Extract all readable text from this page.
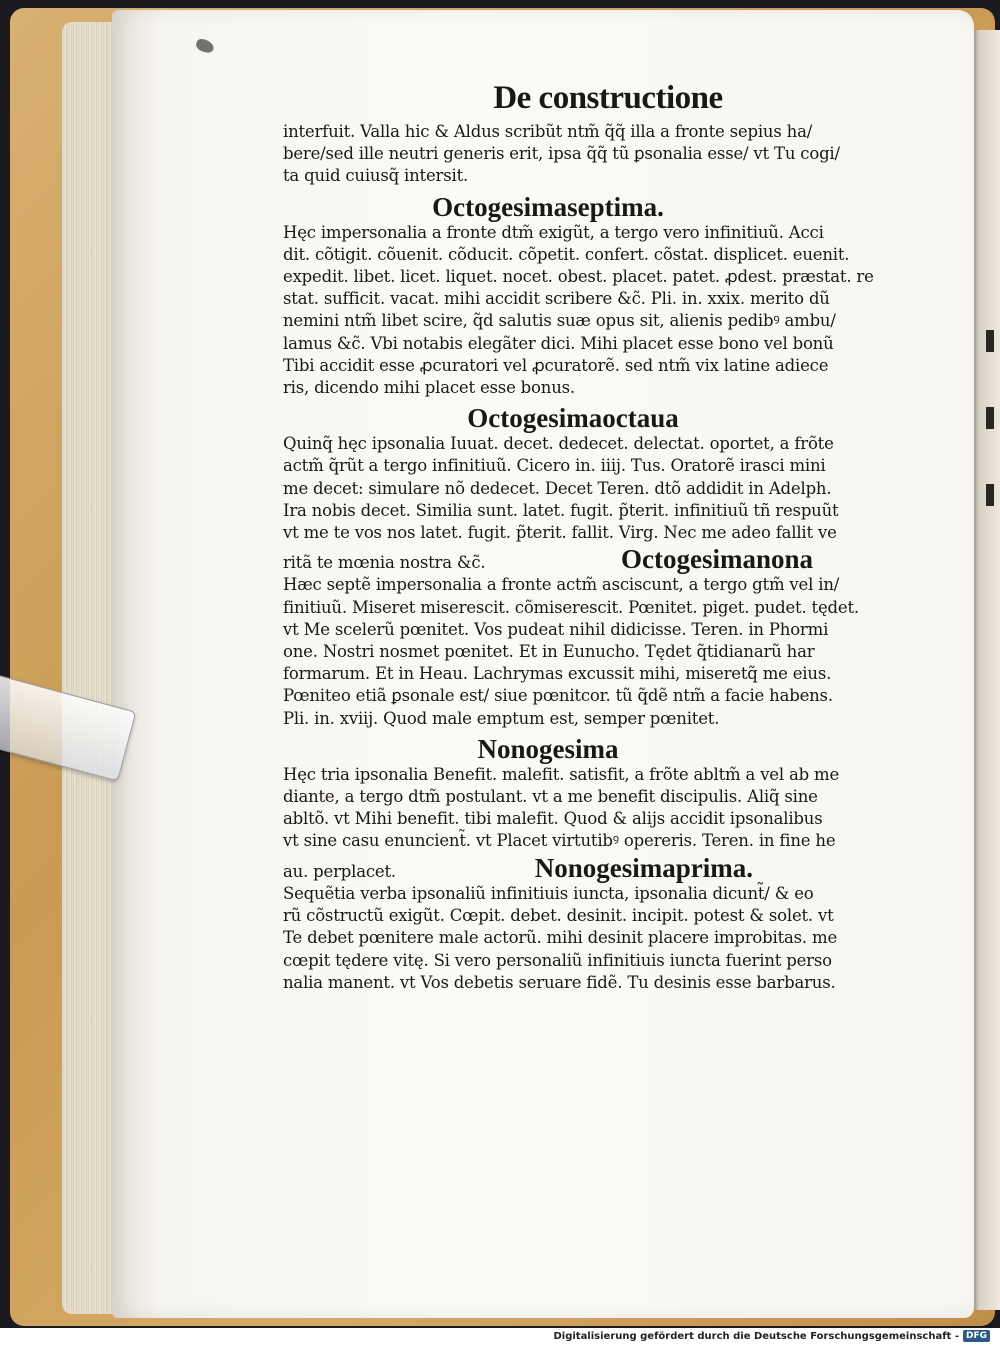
De constructione
interfuit. Valla hic & Aldus scribũt ntm̃ q̃q̃ illa a fronte sepius ha/
bere/sed ille neutri generis erit, ipsa q̃q̃ tũ ꝑsonalia esse/ vt Tu cogi/
ta quid cuiusq̃ intersit.
Octogesimaseptima.
Hęc impersonalia a fronte dtm̃ exigũt, a tergo vero infinitiuũ. Acci
dit. cõtigit. cõuenit. cõducit. cõpetit. confert. cõstat. displicet. euenit.
expedit. libet. licet. liquet. nocet. obest. placet. patet. ꝓdest. præstat. re
stat. sufficit. vacat. mihi accidit scribere &c̃. Pli. in. xxix. merito dũ
nemini ntm̃ libet scire, q̃d salutis suæ opus sit, alienis pedibꝰ ambu/
lamus &c̃. Vbi notabis elegãter dici. Mihi placet esse bono vel bonũ
Tibi accidit esse ꝓcuratori vel ꝓcuratorẽ. sed ntm̃ vix latine adiece
ris, dicendo mihi placet esse bonus.
Octogesimaoctaua
Quinq̃ hęc ipsonalia Iuuat. decet. dedecet. delectat. oportet, a frõte
actm̃ q̃rũt a tergo infinitiuũ. Cicero in. iiij. Tus. Oratorẽ irasci mini
me decet: simulare nõ dedecet. Decet Teren. dtõ addidit in Adelph.
Ira nobis decet. Similia sunt. latet. fugit. p̃terit. infinitiuũ tñ respuũt
vt me te vos nos latet. fugit. p̃terit. fallit. Virg. Nec me adeo fallit ve
ritã te mœnia nostra &c̃.	Octogesimanona
Hæc septẽ impersonalia a fronte actm̃ asciscunt, a tergo gtm̃ vel in/
finitiuũ. Miseret miserescit. cõmiserescit. Pœnitet. piget. pudet. tędet.
vt Me scelerũ pœnitet. Vos pudeat nihil didicisse. Teren. in Phormi
one. Nostri nosmet pœnitet. Et in Eunucho. Tędet q̃tidianarũ har
formarum. Et in Heau. Lachrymas excussit mihi, miseretq̃ me eius.
Pœniteo etiã ꝑsonale est/ siue pœnitcor. tũ q̃dẽ ntm̃ a facie habens.
Pli. in. xviij. Quod male emptum est, semper pœnitet.
Nonogesima
Hęc tria ipsonalia Benefit. malefit. satisfit, a frõte abltm̃ a vel ab me
diante, a tergo dtm̃ postulant. vt a me benefit discipulis. Aliq̃ sine
abltõ. vt Mihi benefit. tibi malefit. Quod & alijs accidit ipsonalibus
vt sine casu enuncient̃. vt Placet virtutibꝰ opereris. Teren. in fine he
au. perplacet.	Nonogesimaprima.
Sequẽtia verba ipsonaliũ infinitiuis iuncta, ipsonalia dicunt̃/ & eo
rũ cõstructũ exigũt. Cœpit. debet. desinit. incipit. potest & solet. vt
Te debet pœnitere male actorũ. mihi desinit placere improbitas. me
cœpit tędere vitę. Si vero personaliũ infinitiuis iuncta fuerint perso
nalia manent. vt Vos debetis seruare fidẽ. Tu desinis esse barbarus.
Digitalisierung gefördert durch die Deutsche Forschungsgemeinschaft - DFG
